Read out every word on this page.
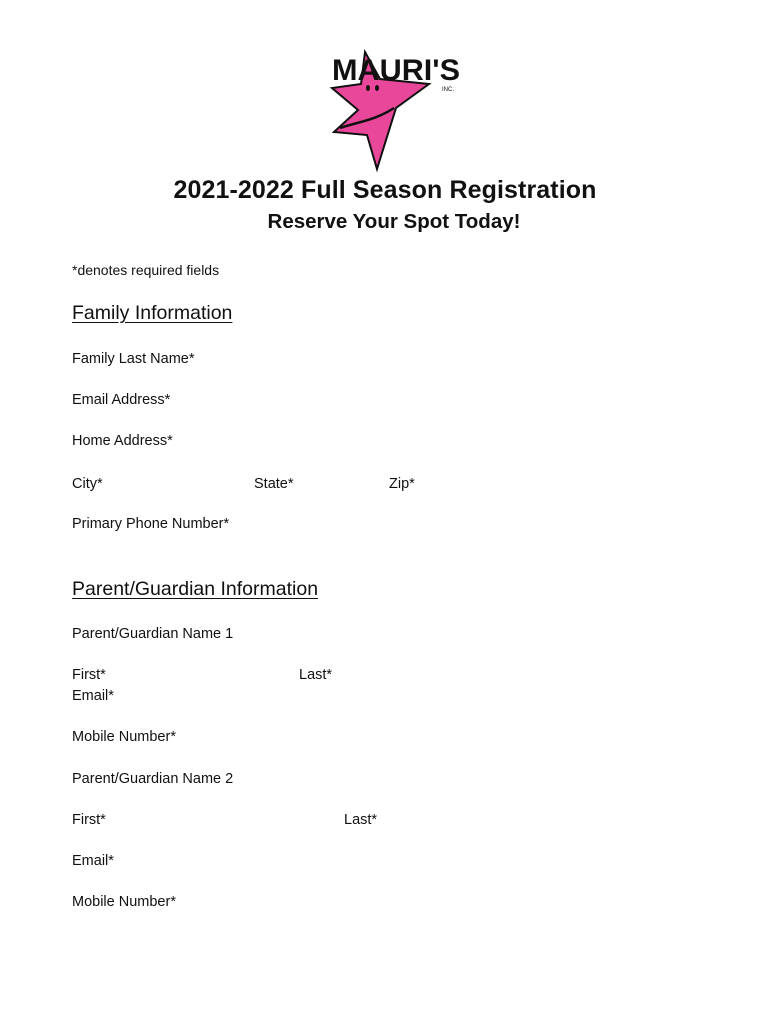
MAURI'S
INC.
2021-2022 Full Season Registration
Reserve Your Spot Today!
*denotes required fields
Family Information
Family Last Name*
Email Address*
Home Address*
City*	State*	Zip*
Primary Phone Number*
Parent/Guardian Information
Parent/Guardian Name 1
First*	Last*
Email*
Mobile Number*
Parent/Guardian Name 2
First*	Last*
Email*
Mobile Number*
